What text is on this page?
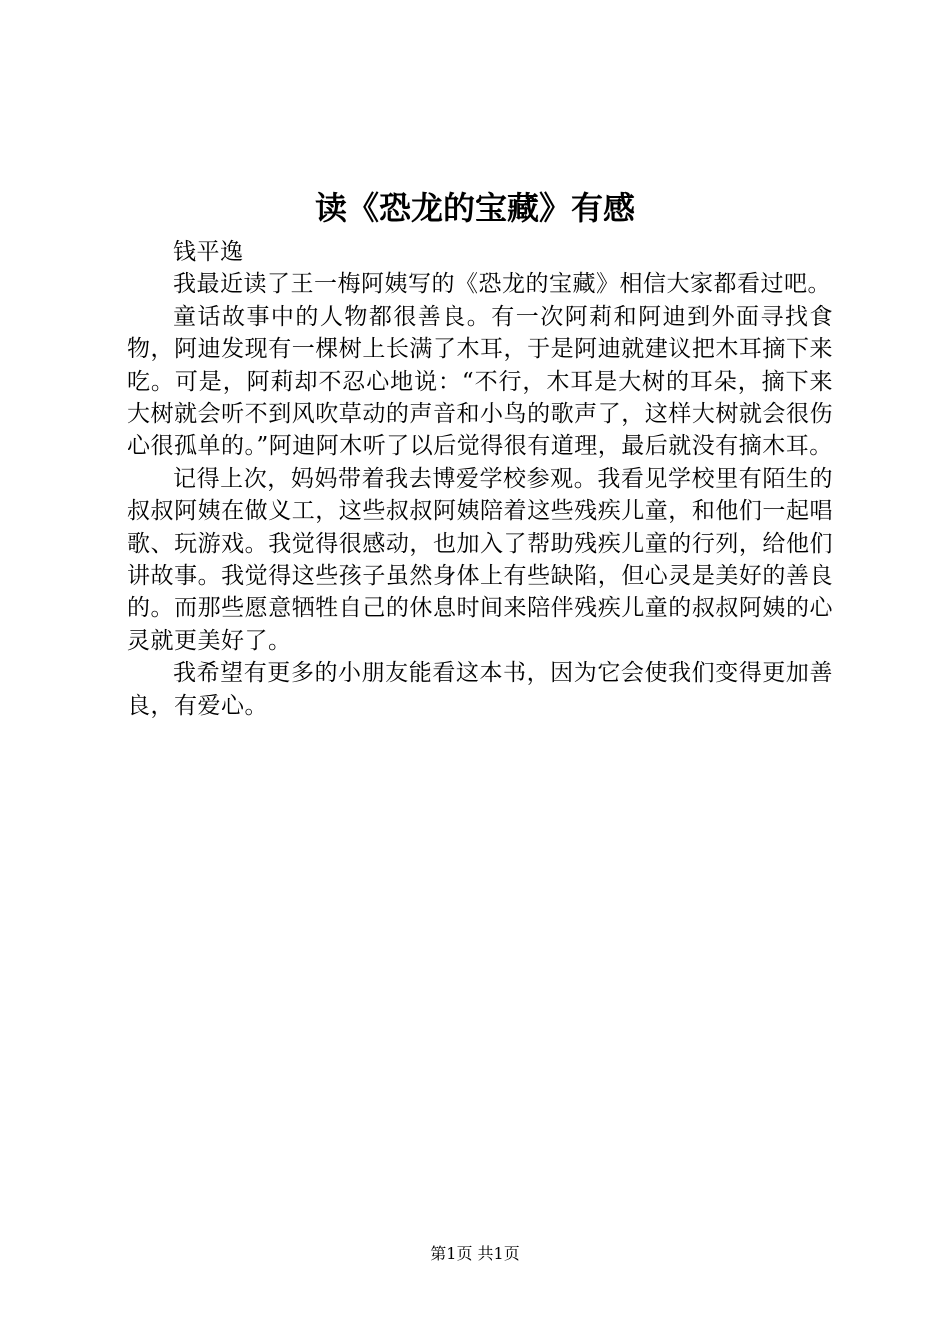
读《恐龙的宝藏》有感

钱平逸

我最近读了王一梅阿姨写的《恐龙的宝藏》相信大家都看过吧。

童话故事中的人物都很善良。有一次阿莉和阿迪到外面寻找食物，阿迪发现有一棵树上长满了木耳，于是阿迪就建议把木耳摘下来吃。可是，阿莉却不忍心地说：“不行，木耳是大树的耳朵，摘下来大树就会听不到风吹草动的声音和小鸟的歌声了，这样大树就会很伤心很孤单的。”阿迪阿木听了以后觉得很有道理，最后就没有摘木耳。

记得上次，妈妈带着我去博爱学校参观。我看见学校里有陌生的叔叔阿姨在做义工，这些叔叔阿姨陪着这些残疾儿童，和他们一起唱歌、玩游戏。我觉得很感动，也加入了帮助残疾儿童的行列，给他们讲故事。我觉得这些孩子虽然身体上有些缺陷，但心灵是美好的善良的。而那些愿意牺牲自己的休息时间来陪伴残疾儿童的叔叔阿姨的心灵就更美好了。

我希望有更多的小朋友能看这本书，因为它会使我们变得更加善良，有爱心。

第1页 共1页
